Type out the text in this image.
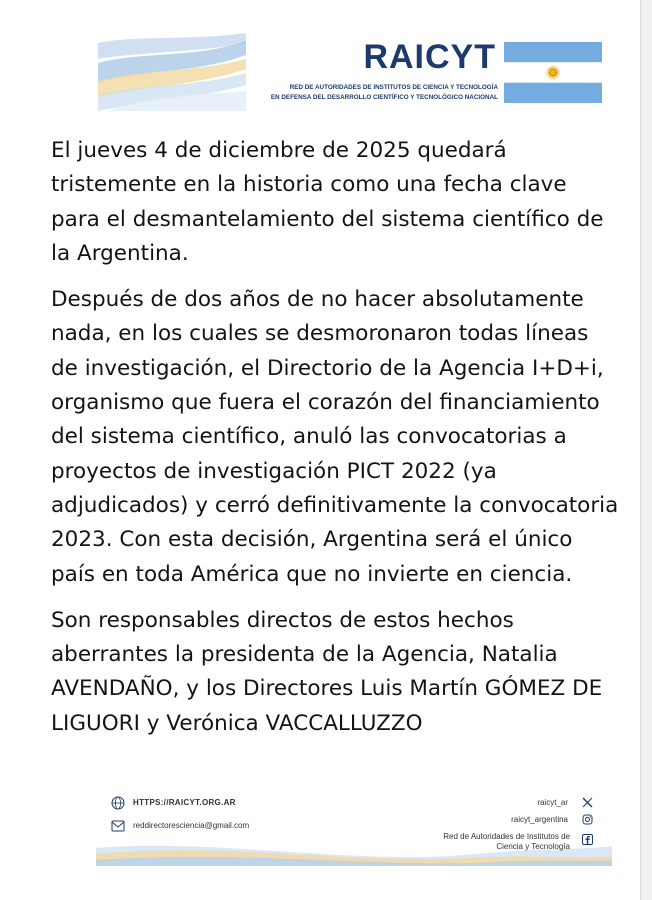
RAICYT
RED DE AUTORIDADES DE INSTITUTOS DE CIENCIA Y TECNOLOGÍA
EN DEFENSA DEL DESARROLLO CIENTÍFICO Y TECNOLÓGICO NACIONAL

El jueves 4 de diciembre de 2025 quedará tristemente en la historia como una fecha clave para el desmantelamiento del sistema científico de la Argentina.

Después de dos años de no hacer absolutamente nada, en los cuales se desmoronaron todas líneas de investigación, el Directorio de la Agencia I+D+i, organismo que fuera el corazón del financiamiento del sistema científico, anuló las convocatorias a proyectos de investigación PICT 2022 (ya adjudicados) y cerró definitivamente la convocatoria 2023. Con esta decisión, Argentina será el único país en toda América que no invierte en ciencia.

Son responsables directos de estos hechos aberrantes la presidenta de la Agencia, Natalia AVENDAÑO, y los Directores Luis Martín GÓMEZ DE LIGUORI y Verónica VACCALLUZZO

HTTPS://RAICYT.ORG.AR
reddirectoresciencia@gmail.com
raicyt_ar
raicyt_argentina
Red de Autoridades de Institutos de
Ciencia y Tecnología
